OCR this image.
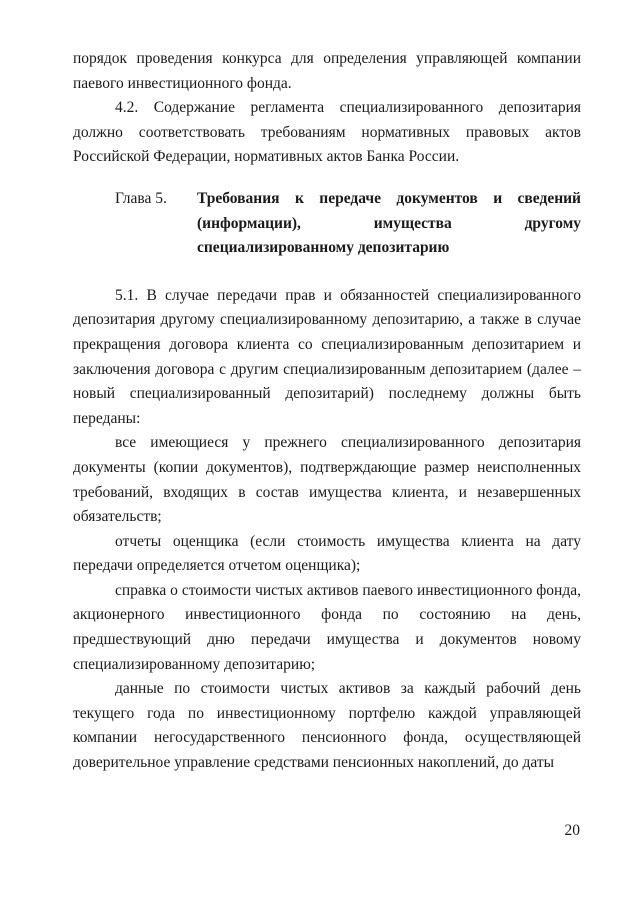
порядок проведения конкурса для определения управляющей компании паевого инвестиционного фонда.

4.2. Содержание регламента специализированного депозитария должно соответствовать требованиям нормативных правовых актов Российской Федерации, нормативных актов Банка России.

Глава 5.	Требования к передаче документов и сведений (информации), имущества другому специализированному депозитарию

5.1. В случае передачи прав и обязанностей специализированного депозитария другому специализированному депозитарию, а также в случае прекращения договора клиента со специализированным депозитарием и заключения договора с другим специализированным депозитарием (далее – новый специализированный депозитарий) последнему должны быть переданы:

все имеющиеся у прежнего специализированного депозитария документы (копии документов), подтверждающие размер неисполненных требований, входящих в состав имущества клиента, и незавершенных обязательств;

отчеты оценщика (если стоимость имущества клиента на дату передачи определяется отчетом оценщика);

справка о стоимости чистых активов паевого инвестиционного фонда, акционерного инвестиционного фонда по состоянию на день, предшествующий дню передачи имущества и документов новому специализированному депозитарию;

данные по стоимости чистых активов за каждый рабочий день текущего года по инвестиционному портфелю каждой управляющей компании негосударственного пенсионного фонда, осуществляющей доверительное управление средствами пенсионных накоплений, до даты

20
